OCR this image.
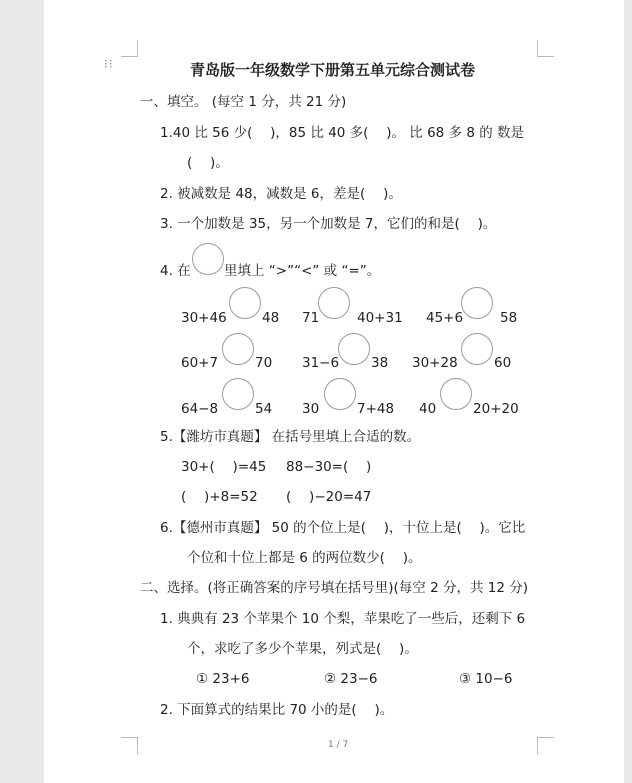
⁝⁝	青岛版一年级数学下册第五单元综合测试卷
一、填空。 (每空 1 分，共 21 分)
1.40 比 56 少(　 )，85 比 40 多(　 )。 比 68 多 8 的 数是
(　 )。
2. 被减数是 48，减数是 6，差是(　 )。
3. 一个加数是 35，另一个加数是 7，它们的和是(　 )。
4. 在 里填上 “>”“<” 或 “=”。
30+46	48 71	40+31 45+6	58
60+7	70 31−6 38 30+28	60
64−8	54 30	7+48 40	20+20
5.【潍坊市真题】 在括号里填上合适的数。
30+(　 )=45 88−30=(　 )
(　 )+8=52 (　 )−20=47
6.【德州市真题】 50 的个位上是(　 )，十位上是(　 )。它比
个位和十位上都是 6 的两位数少(　 )。
二、选择。(将正确答案的序号填在括号里)(每空 2 分，共 12 分)
1. 典典有 23 个苹果个 10 个梨，苹果吃了一些后，还剩下 6
个，求吃了多少个苹果，列式是(　 )。
① 23+6	② 23−6	③ 10−6
2. 下面算式的结果比 70 小的是(　 )。
1 / 7
